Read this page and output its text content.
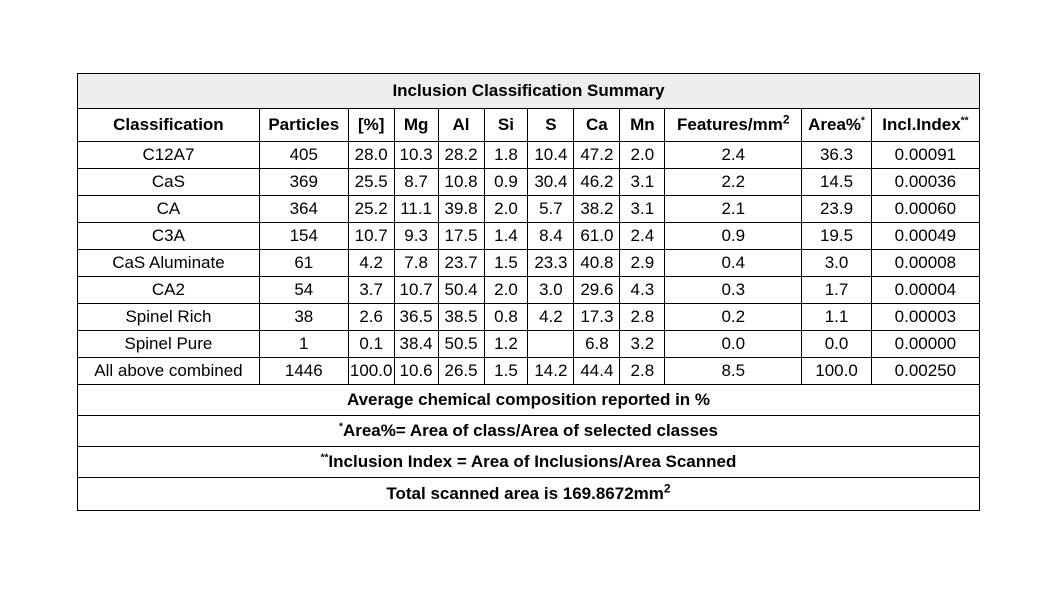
Inclusion Classification Summary											
Classification	Particles	[%]	Mg	Al	Si	S	Ca	Mn	Features/$mm^2$	Area%*	Incl.Index**
C12A7	405	28.0	10.3	28.2	1.8	10.4	47.2	2.0	2.4	36.3	0.00091
CaS	369	25.5	8.7	10.8	0.9	30.4	46.2	3.1	2.2	14.5	0.00036
CA	364	25.2	11.1	39.8	2.0	5.7	38.2	3.1	2.1	23.9	0.00060
C3A	154	10.7	9.3	17.5	1.4	8.4	61.0	2.4	0.9	19.5	0.00049
CaS Aluminate	61	4.2	7.8	23.7	1.5	23.3	40.8	2.9	0.4	3.0	0.00008
CA2	54	3.7	10.7	50.4	2.0	3.0	29.6	4.3	0.3	1.7	0.00004
Spinel Rich	38	2.6	36.5	38.5	0.8	4.2	17.3	2.8	0.2	1.1	0.00003
Spinel Pure	1	0.1	38.4	50.5	1.2		6.8	3.2	0.0	0.0	0.00000
All above combined	1446	100.0	10.6	26.5	1.5	14.2	44.4	2.8	8.5	100.0	0.00250
Average chemical composition reported in %											
*Area%= Area of class/Area of selected classes											
**Inclusion Index = Area of Inclusions/Area Scanned											
Total scanned area is $169.8672mm^2$
